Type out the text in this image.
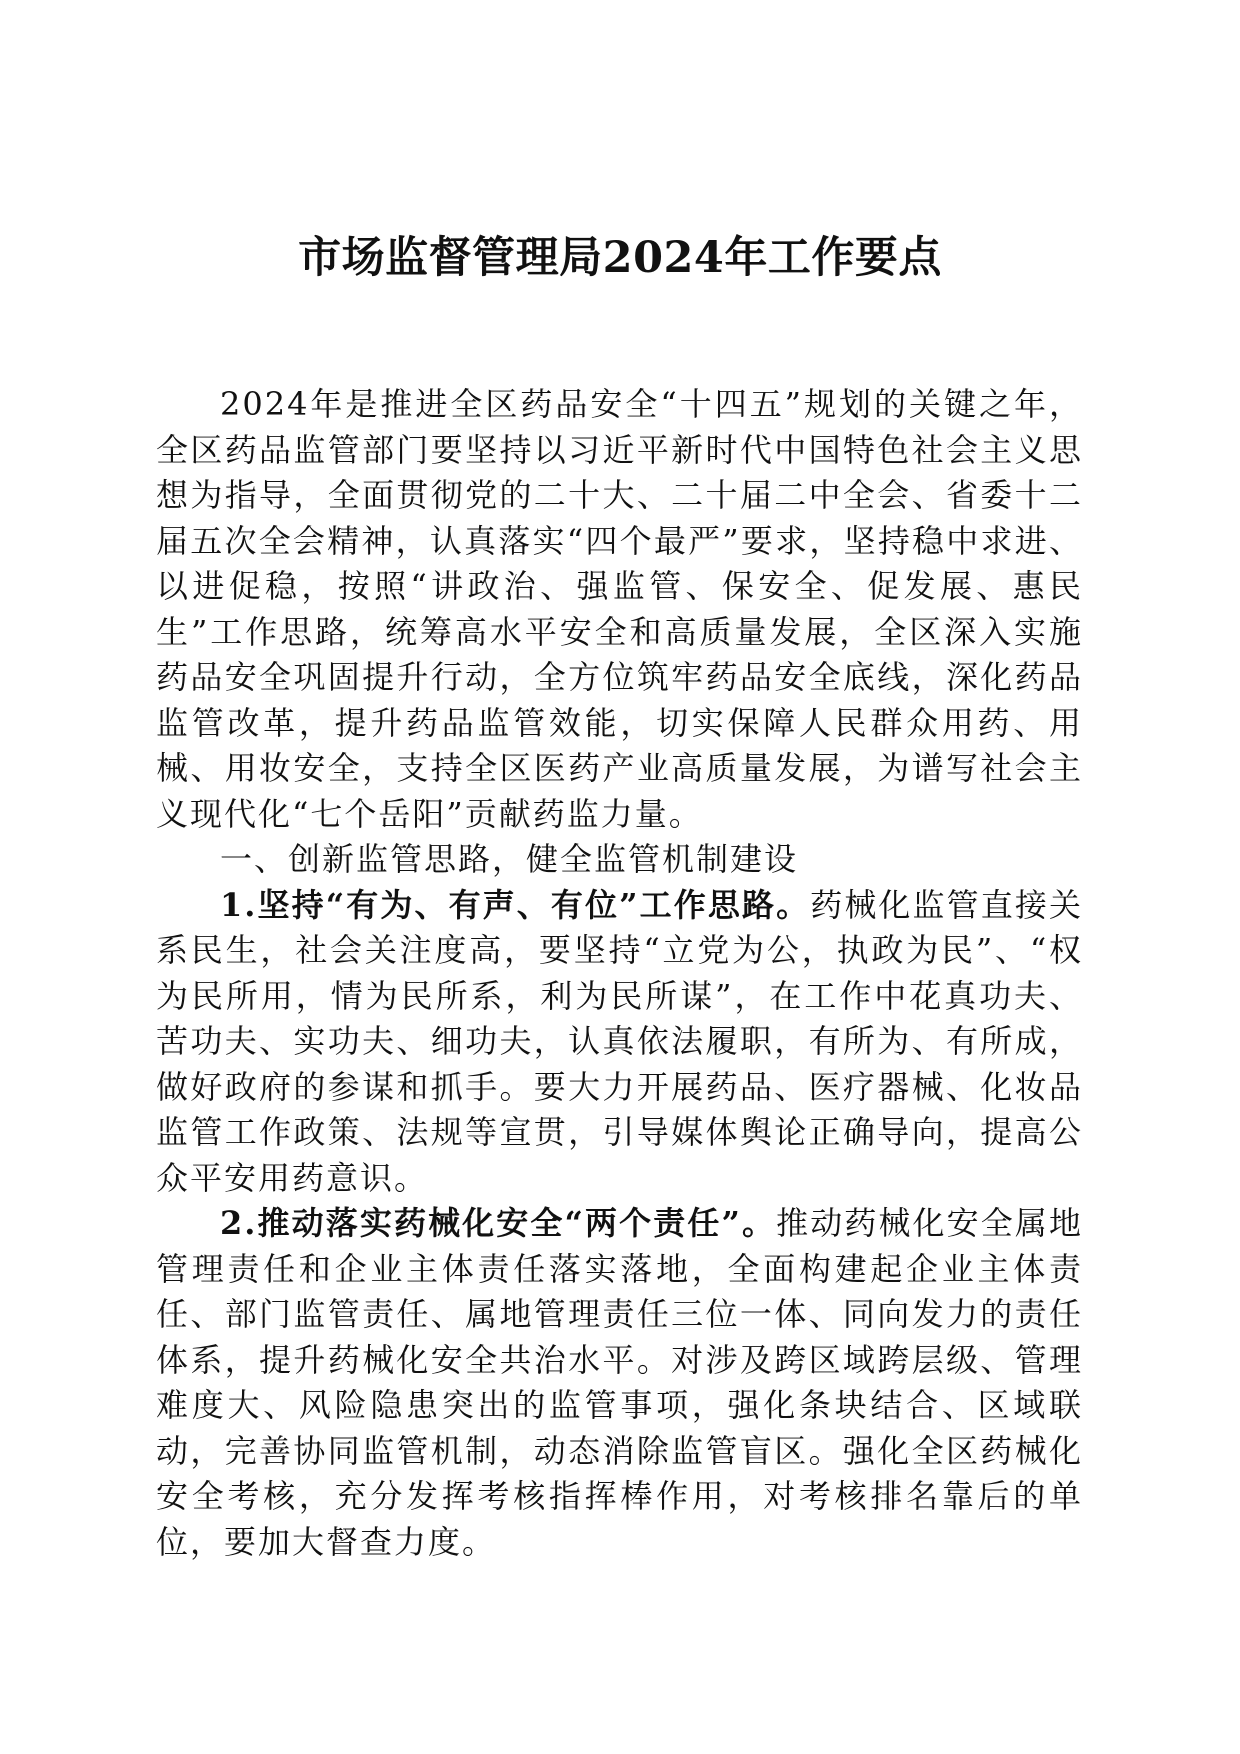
市场监督管理局2024年工作要点

2024年是推进全区药品安全“十四五”规划的关键之年，全区药品监管部门要坚持以习近平新时代中国特色社会主义思想为指导，全面贯彻党的二十大、二十届二中全会、省委十二届五次全会精神，认真落实“四个最严”要求，坚持稳中求进、以进促稳，按照“讲政治、强监管、保安全、促发展、惠民生”工作思路，统筹高水平安全和高质量发展，全区深入实施药品安全巩固提升行动，全方位筑牢药品安全底线，深化药品监管改革，提升药品监管效能，切实保障人民群众用药、用械、用妆安全，支持全区医药产业高质量发展，为谱写社会主义现代化“七个岳阳”贡献药监力量。

一、创新监管思路，健全监管机制建设

1.坚持“有为、有声、有位”工作思路。药械化监管直接关系民生，社会关注度高，要坚持“立党为公，执政为民”、“权为民所用，情为民所系，利为民所谋”，在工作中花真功夫、苦功夫、实功夫、细功夫，认真依法履职，有所为、有所成，做好政府的参谋和抓手。要大力开展药品、医疗器械、化妆品监管工作政策、法规等宣贯，引导媒体舆论正确导向，提高公众平安用药意识。

2.推动落实药械化安全“两个责任”。推动药械化安全属地管理责任和企业主体责任落实落地，全面构建起企业主体责任、部门监管责任、属地管理责任三位一体、同向发力的责任体系，提升药械化安全共治水平。对涉及跨区域跨层级、管理难度大、风险隐患突出的监管事项，强化条块结合、区域联动，完善协同监管机制，动态消除监管盲区。强化全区药械化安全考核，充分发挥考核指挥棒作用，对考核排名靠后的单位，要加大督查力度。
